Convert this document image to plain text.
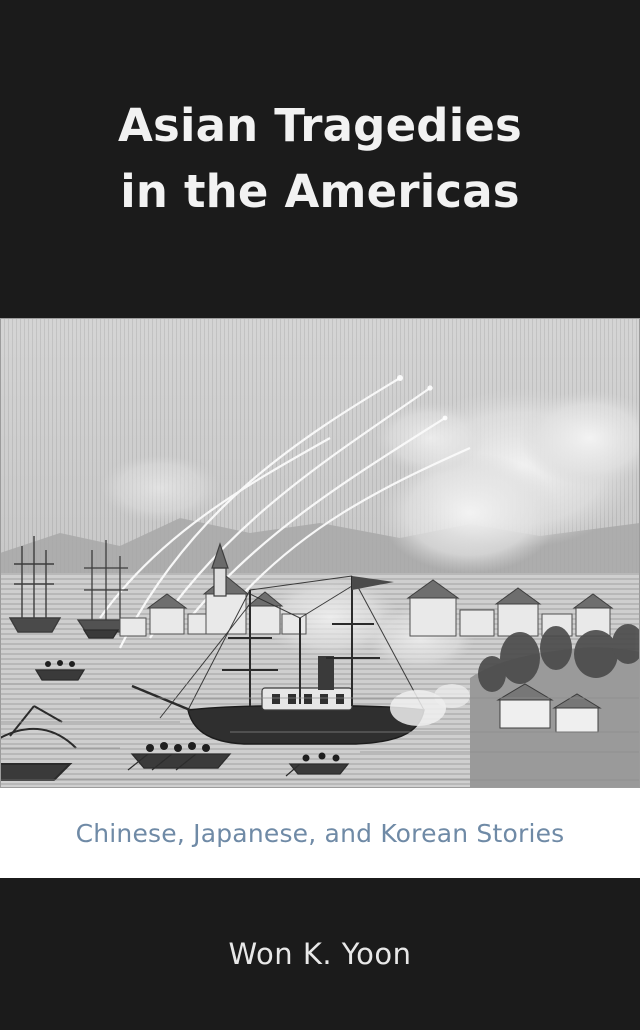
Asian Tragedies
in the Americas
Chinese, Japanese, and Korean Stories
Won K. Yoon
